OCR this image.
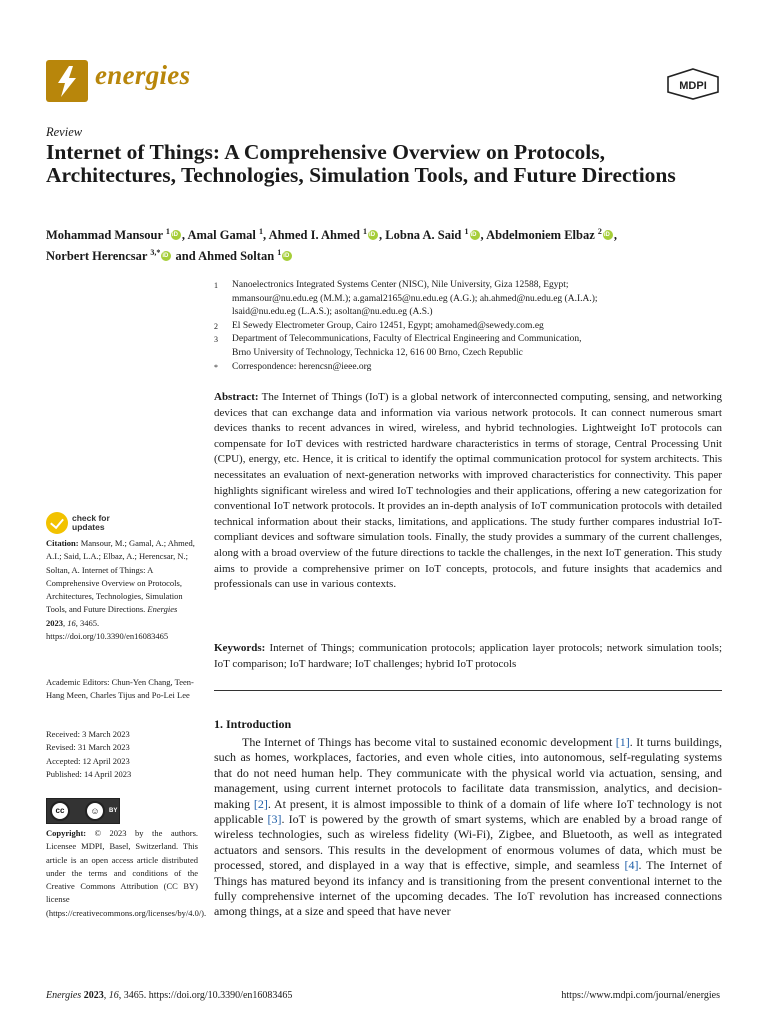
energies	MDPI
Review
Internet of Things: A Comprehensive Overview on Protocols, Architectures, Technologies, Simulation Tools, and Future Directions
Mohammad Mansour $^1$ iD , Amal Gamal $^1$, Ahmed I. Ahmed $^1$ iD , Lobna A. Said $^1$ iD , Abdelmoniem Elbaz $^2$ iD ,
Norbert Herencsar $^{3,*}$iD and Ahmed Soltan $^1$iD
1 Nanoelectronics Integrated Systems Center (NISC), Nile University, Giza 12588, Egypt;
mmansour@nu.edu.eg (M.M.); a.gamal2165@nu.edu.eg (A.G.); ah.ahmed@nu.edu.eg (A.I.A.);
lsaid@nu.edu.eg (L.A.S.); asoltan@nu.edu.eg (A.S.)
2 El Sewedy Electrometer Group, Cairo 12451, Egypt; amohamed@sewedy.com.eg
3 Department of Telecommunications, Faculty of Electrical Engineering and Communication,
Brno University of Technology, Technicka 12, 616 00 Brno, Czech Republic
* Correspondence: herencsn@ieee.org
Abstract: The Internet of Things (IoT) is a global network of interconnected computing, sensing, and networking devices that can exchange data and information via various network protocols. It can connect numerous smart devices thanks to recent advances in wired, wireless, and hybrid technologies. Lightweight IoT protocols can compensate for IoT devices with restricted hardware characteristics in terms of storage, Central Processing Unit (CPU), energy, etc. Hence, it is critical to identify the optimal communication protocol for system architects. This necessitates an evaluation of next-generation networks with improved characteristics for connectivity. This paper highlights significant wireless and wired IoT technologies and their applications, offering a new categorization for conventional IoT network protocols. It provides an in-depth analysis of IoT communication protocols with detailed technical information about their stacks, limitations, and applications. The study further compares industrial IoT-compliant devices and software simulation tools. Finally, the study provides a summary of the current challenges, along with a broad overview of the future directions to tackle the challenges, in the next IoT generation. This study aims to provide a comprehensive primer on IoT concepts, protocols, and future insights that academics and professionals can use in various contexts.
Keywords: Internet of Things; communication protocols; application layer protocols; network simulation tools; IoT comparison; IoT hardware; IoT challenges; hybrid IoT protocols
1. Introduction
The Internet of Things has become vital to sustained economic development [1]. It turns buildings, such as homes, workplaces, factories, and even whole cities, into autonomous, self-regulating systems that do not need human help. They communicate with the physical world via actuation, sensing, and management, using current internet protocols to facilitate data transmission, analytics, and decision-making [2]. At present, it is almost impossible to think of a domain of life where IoT technology is not applicable [3]. IoT is powered by the growth of smart systems, which are enabled by a broad range of wireless technologies, such as wireless fidelity (Wi-Fi), Zigbee, and Bluetooth, as well as integrated actuators and sensors. This results in the development of enormous volumes of data, which must be processed, stored, and displayed in a way that is effective, simple, and seamless [4]. The Internet of Things has matured beyond its infancy and is transitioning from the present conventional internet to the fully comprehensive internet of the upcoming decades. The IoT revolution has increased connections among things, at a size and speed that have never
check for
updates
Citation: Mansour, M.; Gamal, A.; Ahmed, A.I.; Said, L.A.; Elbaz, A.; Herencsar, N.; Soltan, A. Internet of Things: A Comprehensive Overview on Protocols, Architectures, Technologies, Simulation Tools, and Future Directions. Energies 2023, 16, 3465. https://doi.org/10.3390/en16083465
Academic Editors: Chun-Yen Chang, Teen-Hang Meen, Charles Tijus and Po-Lei Lee
Received: 3 March 2023
Revised: 31 March 2023
Accepted: 12 April 2023
Published: 14 April 2023
cc	☺	BY
Copyright: © 2023 by the authors. Licensee MDPI, Basel, Switzerland. This article is an open access article distributed under the terms and conditions of the Creative Commons Attribution (CC BY) license (https://creativecommons.org/licenses/by/4.0/).
Energies 2023, 16, 3465. https://doi.org/10.3390/en16083465	https://www.mdpi.com/journal/energies
